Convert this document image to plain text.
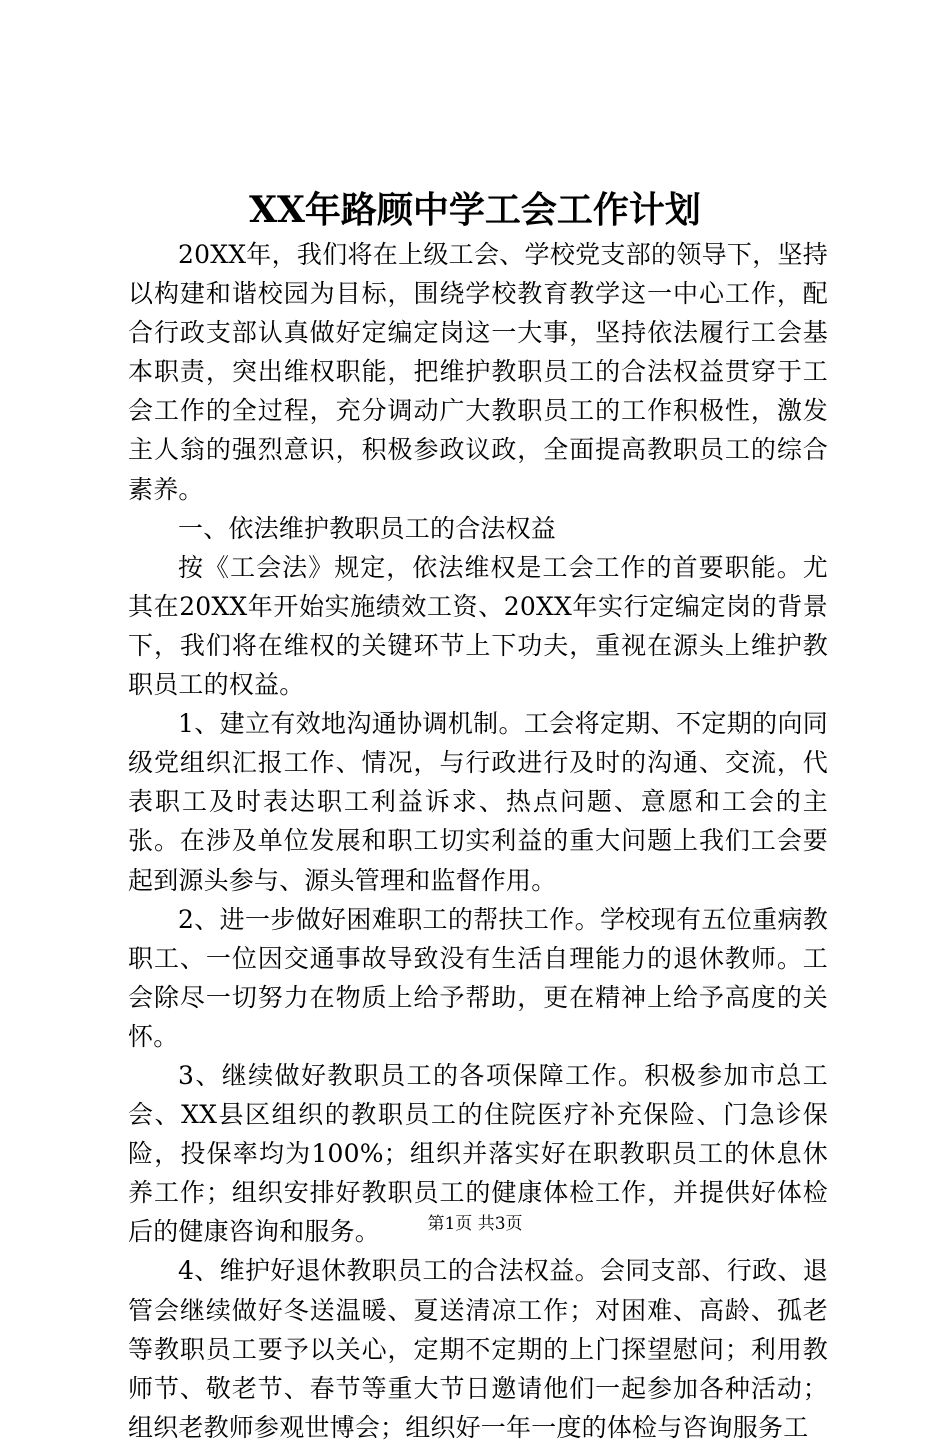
XX年路顾中学工会工作计划

20XX年，我们将在上级工会、学校党支部的领导下，坚持以构建和谐校园为目标，围绕学校教育教学这一中心工作，配合行政支部认真做好定编定岗这一大事，坚持依法履行工会基本职责，突出维权职能，把维护教职员工的合法权益贯穿于工会工作的全过程，充分调动广大教职员工的工作积极性，激发主人翁的强烈意识，积极参政议政，全面提高教职员工的综合素养。

一、依法维护教职员工的合法权益

按《工会法》规定，依法维权是工会工作的首要职能。尤其在20XX年开始实施绩效工资、20XX年实行定编定岗的背景下，我们将在维权的关键环节上下功夫，重视在源头上维护教职员工的权益。

1、建立有效地沟通协调机制。工会将定期、不定期的向同级党组织汇报工作、情况，与行政进行及时的沟通、交流，代表职工及时表达职工利益诉求、热点问题、意愿和工会的主张。在涉及单位发展和职工切实利益的重大问题上我们工会要起到源头参与、源头管理和监督作用。

2、进一步做好困难职工的帮扶工作。学校现有五位重病教职工、一位因交通事故导致没有生活自理能力的退休教师。工会除尽一切努力在物质上给予帮助，更在精神上给予高度的关怀。

3、继续做好教职员工的各项保障工作。积极参加市总工会、XX县区组织的教职员工的住院医疗补充保险、门急诊保险，投保率均为100%；组织并落实好在职教职员工的休息休养工作；组织安排好教职员工的健康体检工作，并提供好体检后的健康咨询和服务。

4、维护好退休教职员工的合法权益。会同支部、行政、退管会继续做好冬送温暖、夏送清凉工作；对困难、高龄、孤老等教职员工要予以关心，定期不定期的上门探望慰问；利用教师节、敬老节、春节等重大节日邀请他们一起参加各种活动；组织老教师参观世博会；组织好一年一度的体检与咨询服务工

第1页 共3页
